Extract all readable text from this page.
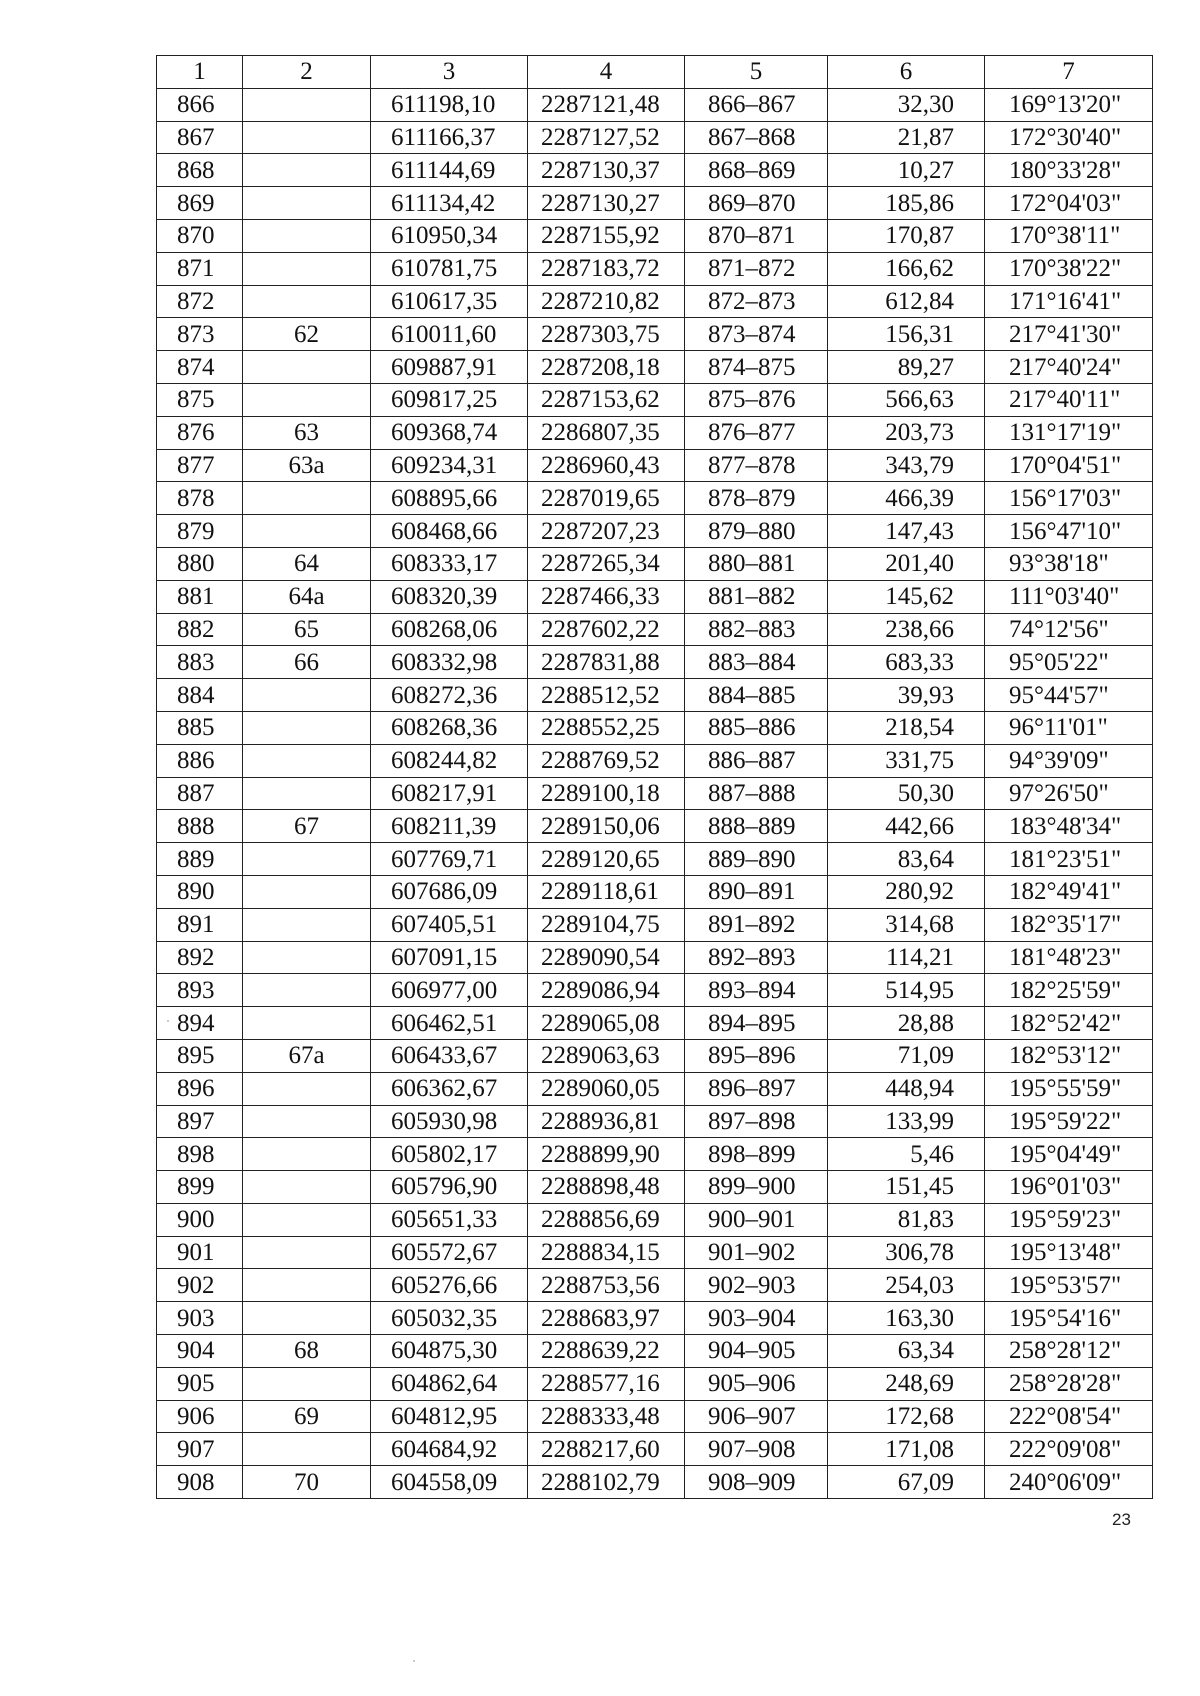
1	2	3	4	5	6	7
866		611198,10	2287121,48	866–867	32,30	169°13'20"
867		611166,37	2287127,52	867–868	21,87	172°30'40"
868		611144,69	2287130,37	868–869	10,27	180°33'28"
869		611134,42	2287130,27	869–870	185,86	172°04'03"
870		610950,34	2287155,92	870–871	170,87	170°38'11"
871		610781,75	2287183,72	871–872	166,62	170°38'22"
872		610617,35	2287210,82	872–873	612,84	171°16'41"
873	62	610011,60	2287303,75	873–874	156,31	217°41'30"
874		609887,91	2287208,18	874–875	89,27	217°40'24"
875		609817,25	2287153,62	875–876	566,63	217°40'11"
876	63	609368,74	2286807,35	876–877	203,73	131°17'19"
877	63а	609234,31	2286960,43	877–878	343,79	170°04'51"
878		608895,66	2287019,65	878–879	466,39	156°17'03"
879		608468,66	2287207,23	879–880	147,43	156°47'10"
880	64	608333,17	2287265,34	880–881	201,40	93°38'18"
881	64а	608320,39	2287466,33	881–882	145,62	111°03'40"
882	65	608268,06	2287602,22	882–883	238,66	74°12'56"
883	66	608332,98	2287831,88	883–884	683,33	95°05'22"
884		608272,36	2288512,52	884–885	39,93	95°44'57"
885		608268,36	2288552,25	885–886	218,54	96°11'01"
886		608244,82	2288769,52	886–887	331,75	94°39'09"
887		608217,91	2289100,18	887–888	50,30	97°26'50"
888	67	608211,39	2289150,06	888–889	442,66	183°48'34"
889		607769,71	2289120,65	889–890	83,64	181°23'51"
890		607686,09	2289118,61	890–891	280,92	182°49'41"
891		607405,51	2289104,75	891–892	314,68	182°35'17"
892		607091,15	2289090,54	892–893	114,21	181°48'23"
893		606977,00	2289086,94	893–894	514,95	182°25'59"
894		606462,51	2289065,08	894–895	28,88	182°52'42"
895	67а	606433,67	2289063,63	895–896	71,09	182°53'12"
896		606362,67	2289060,05	896–897	448,94	195°55'59"
897		605930,98	2288936,81	897–898	133,99	195°59'22"
898		605802,17	2288899,90	898–899	5,46	195°04'49"
899		605796,90	2288898,48	899–900	151,45	196°01'03"
900		605651,33	2288856,69	900–901	81,83	195°59'23"
901		605572,67	2288834,15	901–902	306,78	195°13'48"
902		605276,66	2288753,56	902–903	254,03	195°53'57"
903		605032,35	2288683,97	903–904	163,30	195°54'16"
904	68	604875,30	2288639,22	904–905	63,34	258°28'12"
905		604862,64	2288577,16	905–906	248,69	258°28'28"
906	69	604812,95	2288333,48	906–907	172,68	222°08'54"
907		604684,92	2288217,60	907–908	171,08	222°09'08"
908	70	604558,09	2288102,79	908–909	67,09	240°06'09"
23
